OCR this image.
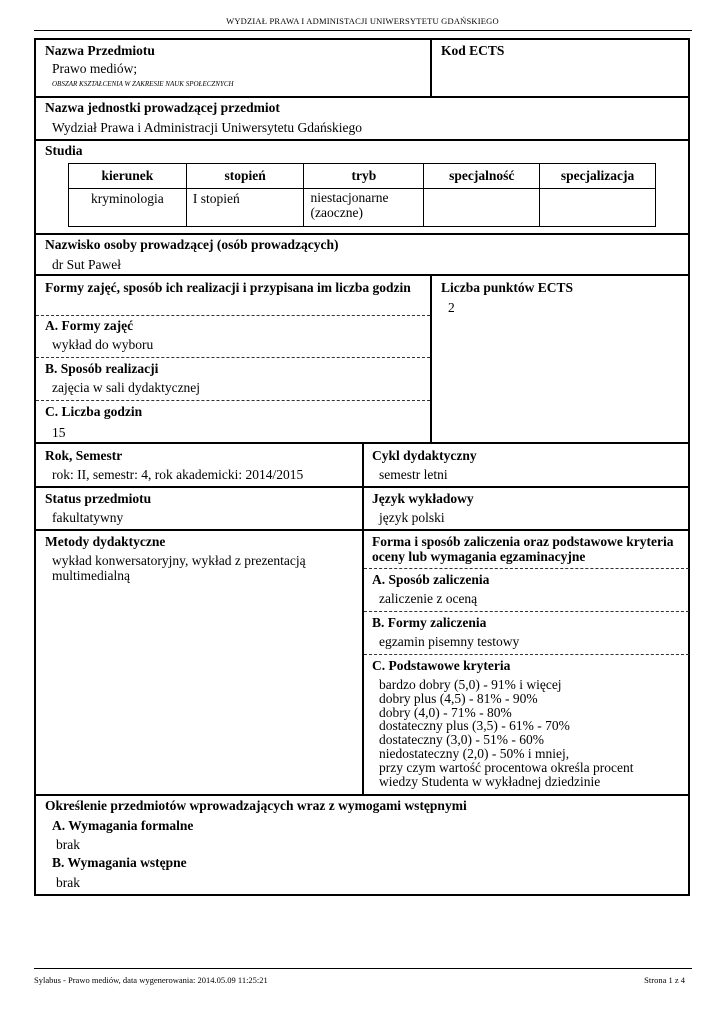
WYDZIAŁ PRAWA I ADMINISTACJI UNIWERSYTETU GDAŃSKIEGO
Nazwa Przedmiotu
Prawo mediów;
OBSZAR KSZTAŁCENIA W ZAKRESIE NAUK SPOŁECZNYCH
Kod ECTS
Nazwa jednostki prowadzącej przedmiot
Wydział Prawa i Administracji Uniwersytetu Gdańskiego
Studia
kierunek	stopień	tryb	specjalność	specjalizacja
kryminologia	I stopień	niestacjonarne
(zaoczne)		
Nazwisko osoby prowadzącej (osób prowadzących)
dr Sut Paweł
Formy zajęć, sposób ich realizacji i przypisana im liczba godzin
A. Formy zajęć
wykład do wyboru
B. Sposób realizacji
zajęcia w sali dydaktycznej
C. Liczba godzin
15
Liczba punktów ECTS
2
Rok, Semestr
rok: II, semestr: 4, rok akademicki: 2014/2015
Cykl dydaktyczny
semestr letni
Status przedmiotu
fakultatywny
Język wykładowy
język polski
Metody dydaktyczne
wykład konwersatoryjny, wykład z prezentacją
multimedialną
Forma i sposób zaliczenia oraz podstawowe kryteria oceny lub wymagania egzaminacyjne
A. Sposób zaliczenia
zaliczenie z oceną
B. Formy zaliczenia
egzamin pisemny testowy
C. Podstawowe kryteria
bardzo dobry (5,0) - 91% i więcej
dobry plus (4,5) - 81% - 90%
dobry (4,0) - 71% - 80%
dostateczny plus (3,5) - 61% - 70%
dostateczny (3,0) - 51% - 60%
niedostateczny (2,0) - 50% i mniej,
przy czym wartość procentowa określa procent
wiedzy Studenta w wykładnej dziedzinie
Określenie przedmiotów wprowadzających wraz z wymogami wstępnymi
A. Wymagania formalne
brak
B. Wymagania wstępne
brak
Sylabus - Prawo mediów, data wygenerowania: 2014.05.09 11:25:21	Strona 1 z 4
